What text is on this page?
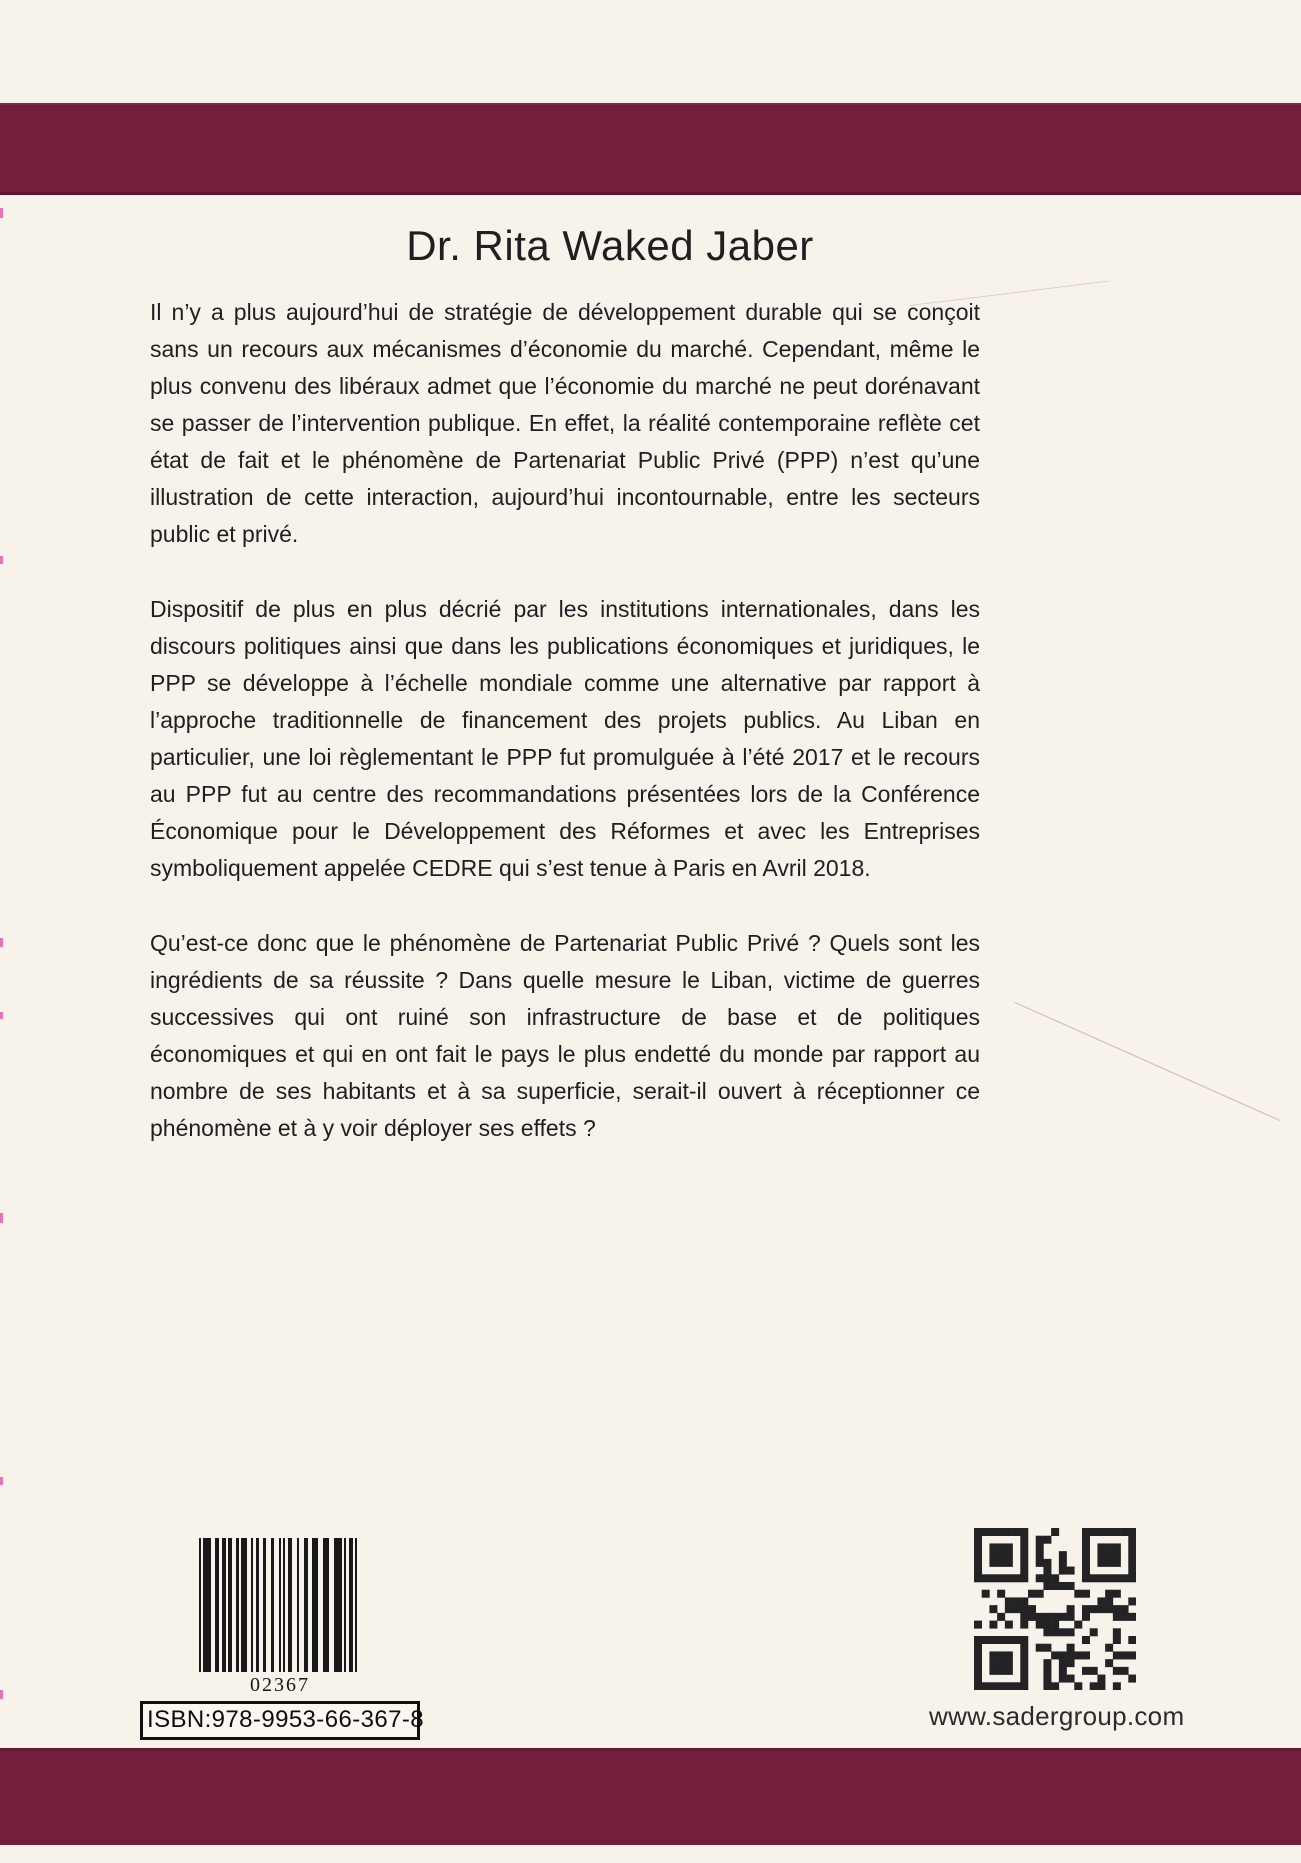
Dr. Rita Waked Jaber

Il n’y a plus aujourd’hui de stratégie de développement durable qui se conçoit sans un recours aux mécanismes d’économie du marché. Cependant, même le plus convenu des libéraux admet que l’économie du marché ne peut dorénavant se passer de l’intervention publique. En effet, la réalité contemporaine reflète cet état de fait et le phénomène de Partenariat Public Privé (PPP) n’est qu’une illustration de cette interaction, aujourd’hui incontournable, entre les secteurs public et privé.

Dispositif de plus en plus décrié par les institutions internationales, dans les discours politiques ainsi que dans les publications économiques et juridiques, le PPP se développe à l’échelle mondiale comme une alternative par rapport à l’approche traditionnelle de financement des projets publics. Au Liban en particulier, une loi règlementant le PPP fut promulguée à l’été 2017 et le recours au PPP fut au centre des recommandations présentées lors de la Conférence Économique pour le Développement des Réformes et avec les Entreprises symboliquement appelée CEDRE qui s’est tenue à Paris en Avril 2018.

Qu’est-ce donc que le phénomène de Partenariat Public Privé ? Quels sont les ingrédients de sa réussite ? Dans quelle mesure le Liban, victime de guerres successives qui ont ruiné son infrastructure de base et de politiques économiques et qui en ont fait le pays le plus endetté du monde par rapport au nombre de ses habitants et à sa superficie, serait-il ouvert à réceptionner ce phénomène et à y voir déployer ses effets ?

02367
ISBN:978-9953-66-367-8	www.sadergroup.com
